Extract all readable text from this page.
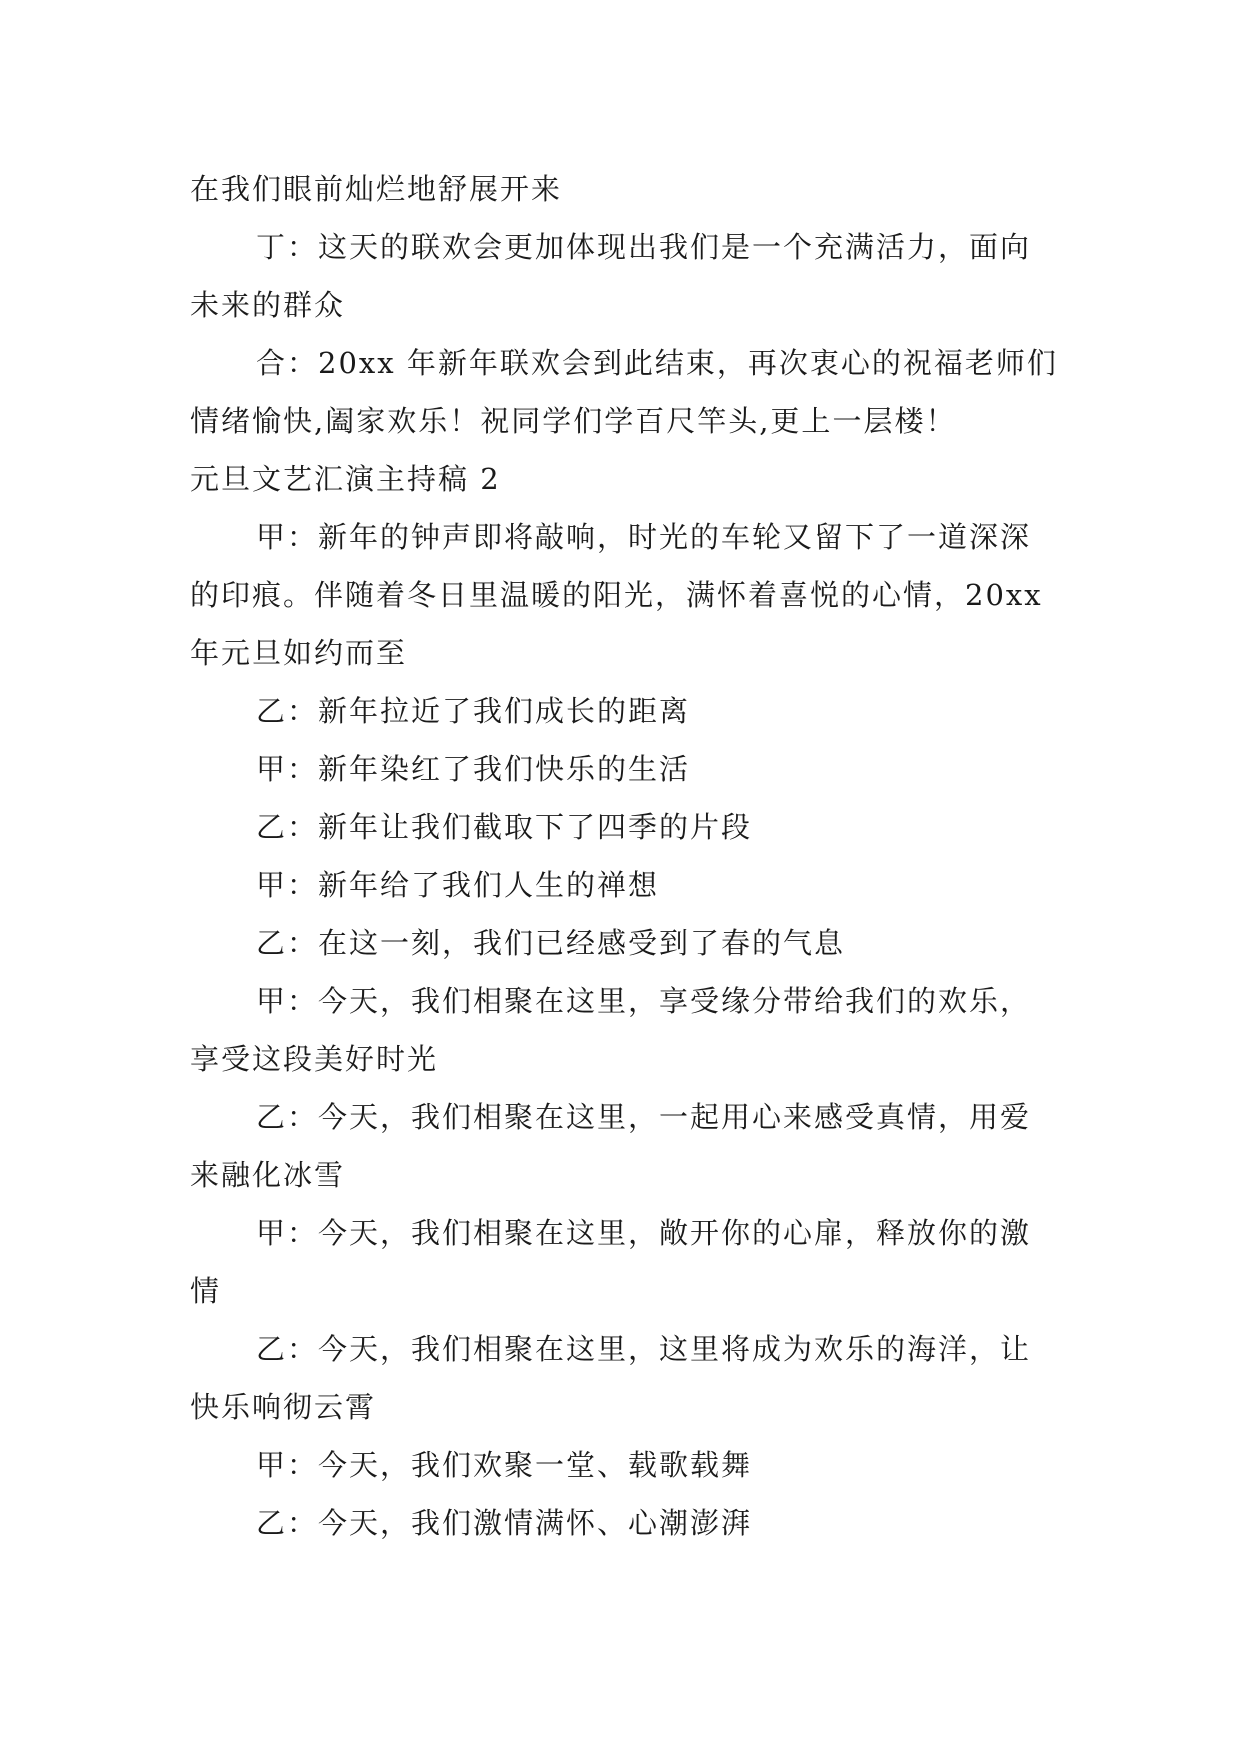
在我们眼前灿烂地舒展开来

丁：这天的联欢会更加体现出我们是一个充满活力，面向未来的群众

合：20xx 年新年联欢会到此结束，再次衷心的祝福老师们情绪愉快,阖家欢乐！祝同学们学百尺竿头,更上一层楼！

元旦文艺汇演主持稿 2

甲：新年的钟声即将敲响，时光的车轮又留下了一道深深的印痕。伴随着冬日里温暖的阳光，满怀着喜悦的心情，20xx 年元旦如约而至

乙：新年拉近了我们成长的距离

甲：新年染红了我们快乐的生活

乙：新年让我们截取下了四季的片段

甲：新年给了我们人生的禅想

乙：在这一刻，我们已经感受到了春的气息

甲：今天，我们相聚在这里，享受缘分带给我们的欢乐，享受这段美好时光

乙：今天，我们相聚在这里，一起用心来感受真情，用爱来融化冰雪

甲：今天，我们相聚在这里，敞开你的心扉，释放你的激情

乙：今天，我们相聚在这里，这里将成为欢乐的海洋，让快乐响彻云霄

甲：今天，我们欢聚一堂、载歌载舞

乙：今天，我们激情满怀、心潮澎湃
